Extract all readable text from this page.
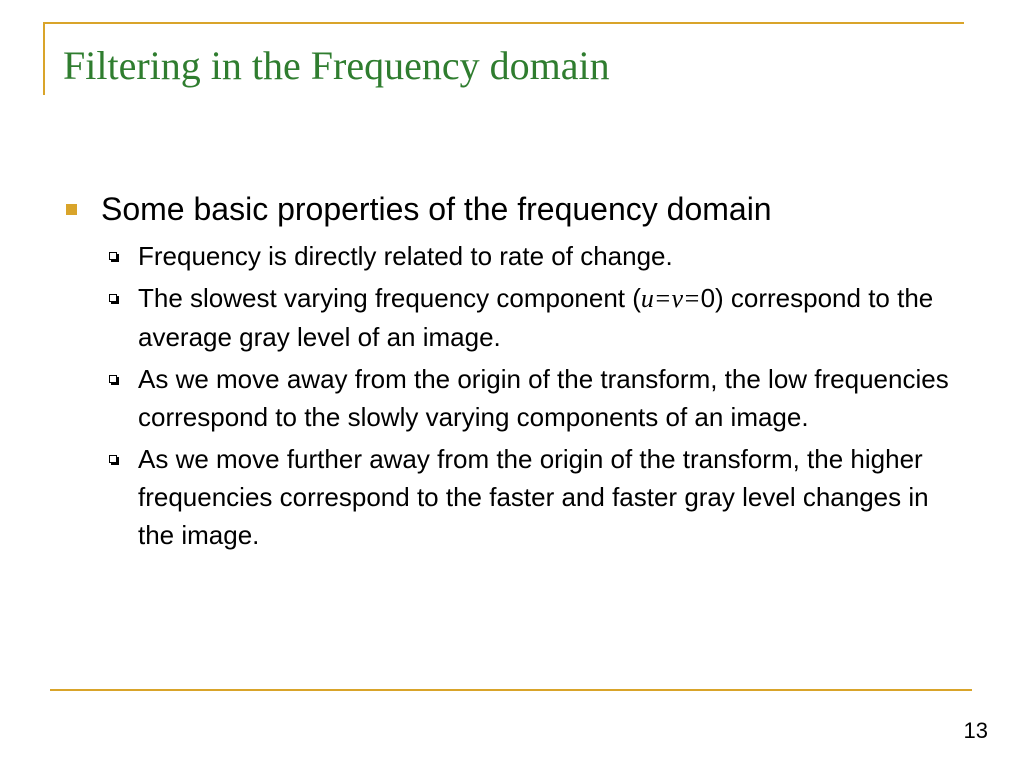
Filtering in the Frequency domain
Some basic properties of the frequency domain
Frequency is directly related to rate of change.
The slowest varying frequency component (u=v=0) correspond to the average gray level of an image.
As we move away from the origin of the transform, the low frequencies correspond to the slowly varying components of an image.
As we move further away from the origin of the transform, the higher frequencies correspond to the faster and faster gray level changes in the image.
13
